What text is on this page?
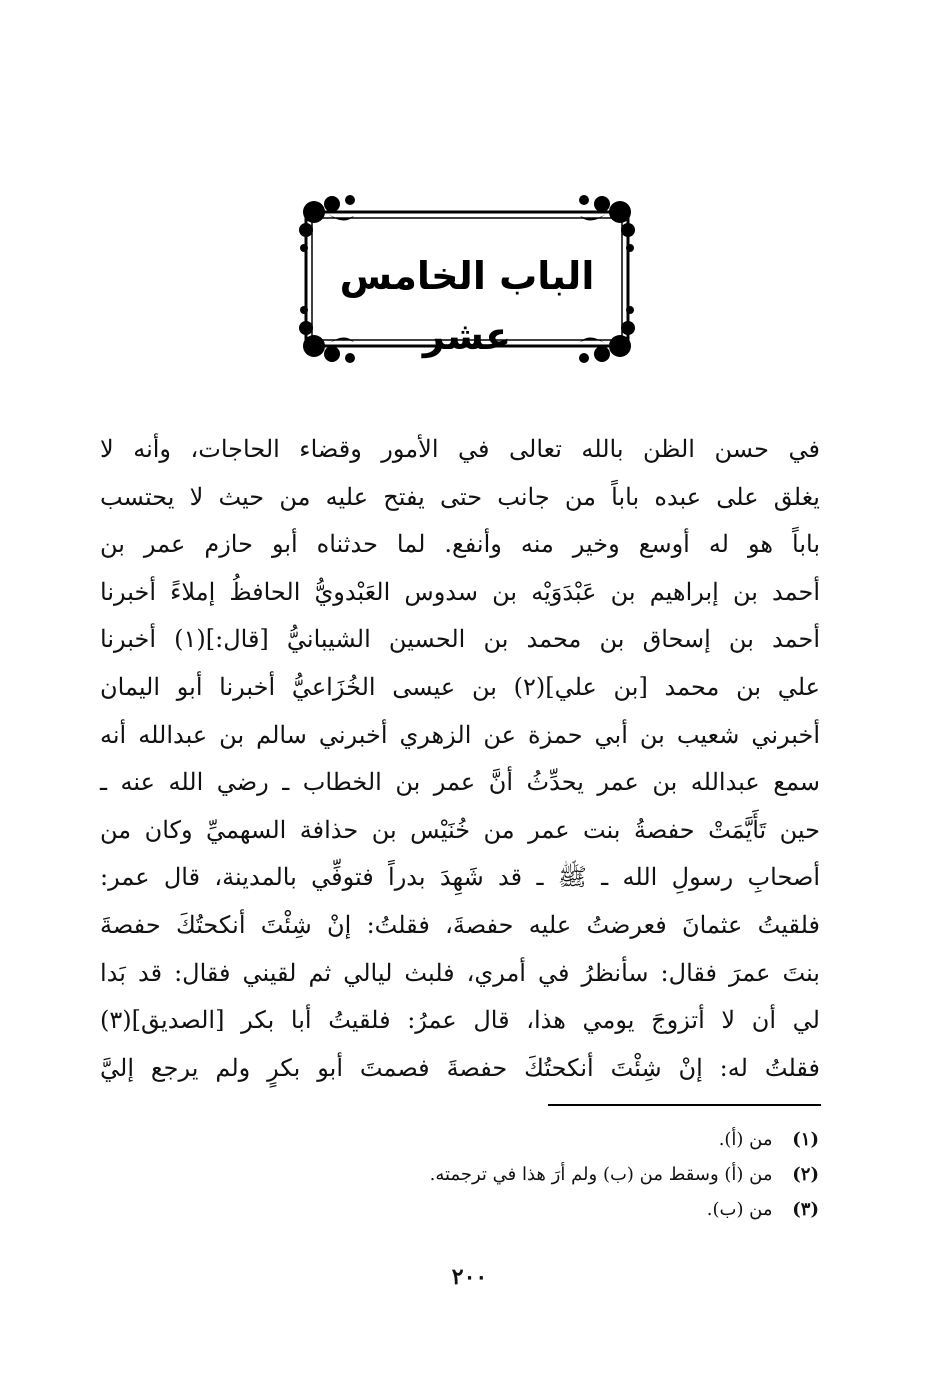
الباب الخامس عشر
في حسن الظن بالله تعالى في الأمور وقضاء الحاجات، وأنه لا
يغلق على عبده باباً من جانب حتى يفتح عليه من حيث لا يحتسب
باباً هو له أوسع وخير منه وأنفع. لما حدثناه أبو حازم عمر بن
أحمد بن إبراهيم بن عَبْدَوَيْه بن سدوس العَبْدويُّ الحافظُ إملاءً أخبرنا
أحمد بن إسحاق بن محمد بن الحسين الشيبانيُّ [قال:](١) أخبرنا
علي بن محمد [بن علي](٢) بن عيسى الخُزَاعيُّ أخبرنا أبو اليمان
أخبرني شعيب بن أبي حمزة عن الزهري أخبرني سالم بن عبدالله أنه
سمع عبدالله بن عمر يحدِّثُ أنَّ عمر بن الخطاب ـ رضي الله عنه ـ
حين تَأَيَّمَتْ حفصةُ بنت عمر من خُنَيْس بن حذافة السهميِّ وكان من
أصحابِ رسولِ الله ـ ﷺ ـ قد شَهِدَ بدراً فتوفِّي بالمدينة، قال عمر:
فلقيتُ عثمانَ فعرضتُ عليه حفصةَ، فقلتُ: إنْ شِئْتَ أنكحتُكَ حفصةَ
بنتَ عمرَ فقال: سأنظرُ في أمري، فلبث ليالي ثم لقيني فقال: قد بَدا
لي أن لا أتزوجَ يومي هذا، قال عمرُ: فلقيتُ أبا بكر [الصديق](٣)
فقلتُ له: إنْ شِئْتَ أنكحتُكَ حفصةَ فصمتَ أبو بكرٍ ولم يرجع إليَّ
(١) من (أ).
(٢) من (أ) وسقط من (ب) ولم أرَ هذا في ترجمته.
(٣) من (ب).
٢٠٠
